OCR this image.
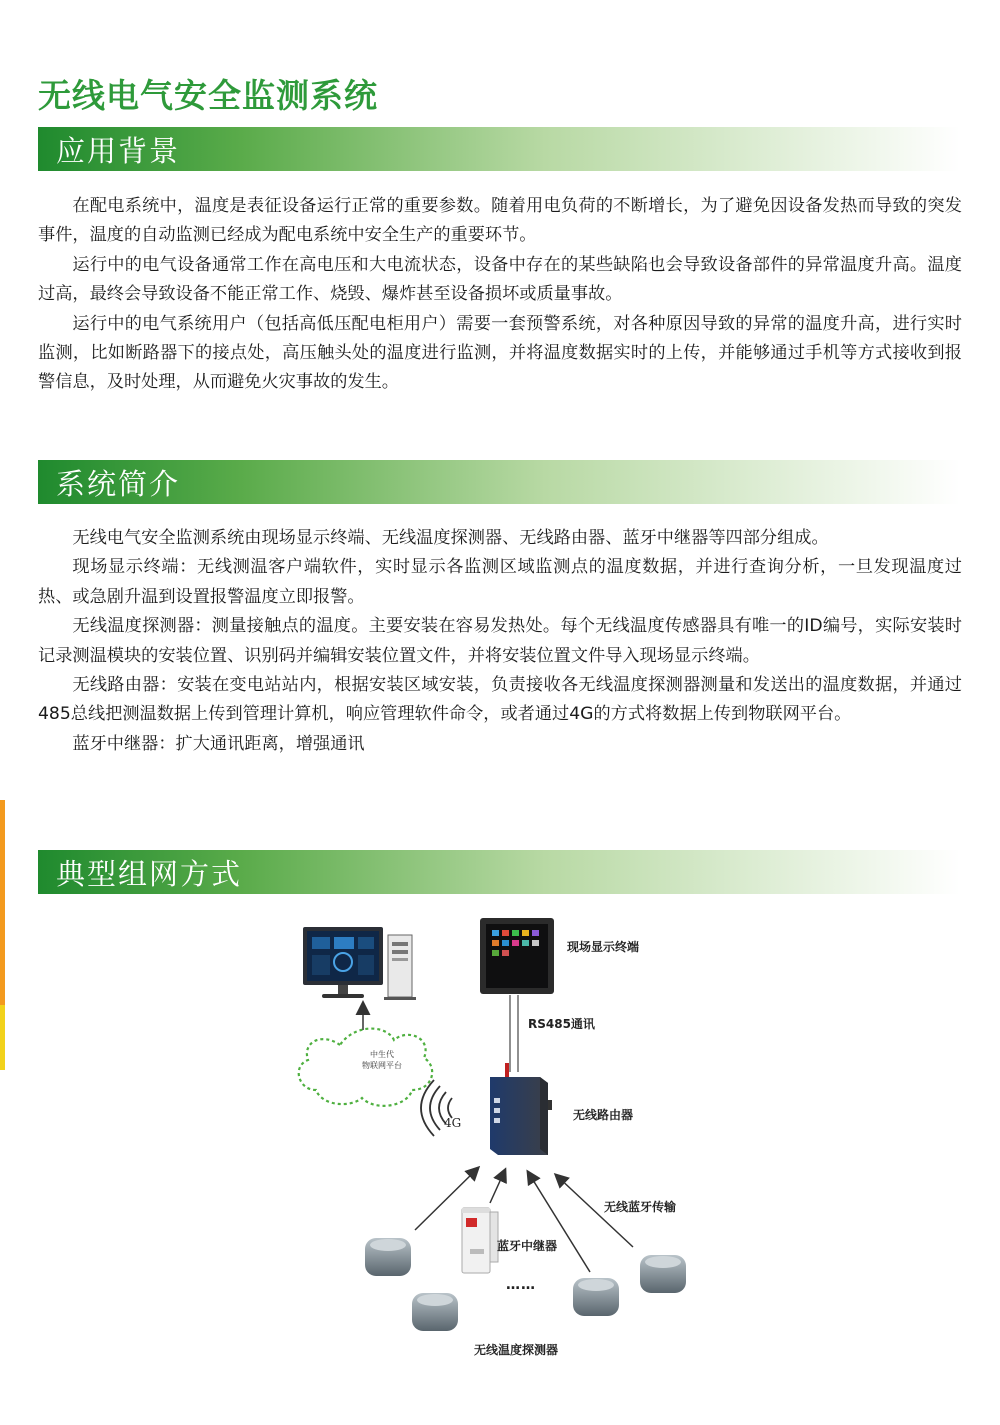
无线电气安全监测系统
应用背景

在配电系统中，温度是表征设备运行正常的重要参数。随着用电负荷的不断增长，为了避免因设备发热而导致的突发事件，温度的自动监测已经成为配电系统中安全生产的重要环节。

运行中的电气设备通常工作在高电压和大电流状态，设备中存在的某些缺陷也会导致设备部件的异常温度升高。温度过高，最终会导致设备不能正常工作、烧毁、爆炸甚至设备损坏或质量事故。

运行中的电气系统用户（包括高低压配电柜用户）需要一套预警系统，对各种原因导致的异常的温度升高，进行实时监测，比如断路器下的接点处，高压触头处的温度进行监测，并将温度数据实时的上传，并能够通过手机等方式接收到报警信息，及时处理，从而避免火灾事故的发生。

系统简介

无线电气安全监测系统由现场显示终端、无线温度探测器、无线路由器、蓝牙中继器等四部分组成。

现场显示终端：无线测温客户端软件，实时显示各监测区域监测点的温度数据，并进行查询分析，一旦发现温度过热、或急剧升温到设置报警温度立即报警。

无线温度探测器：测量接触点的温度。主要安装在容易发热处。每个无线温度传感器具有唯一的ID编号，实际安装时记录测温模块的安装位置、识别码并编辑安装位置文件，并将安装位置文件导入现场显示终端。

无线路由器：安装在变电站站内，根据安装区域安装，负责接收各无线温度探测器测量和发送出的温度数据，并通过485总线把测温数据上传到管理计算机，响应管理软件命令，或者通过4G的方式将数据上传到物联网平台。

蓝牙中继器：扩大通讯距离，增强通讯

典型组网方式
现场显示终端
RS485通讯
无线路由器
中生代
物联网平台
4G
无线蓝牙传输
蓝牙中继器
……
无线温度探测器
